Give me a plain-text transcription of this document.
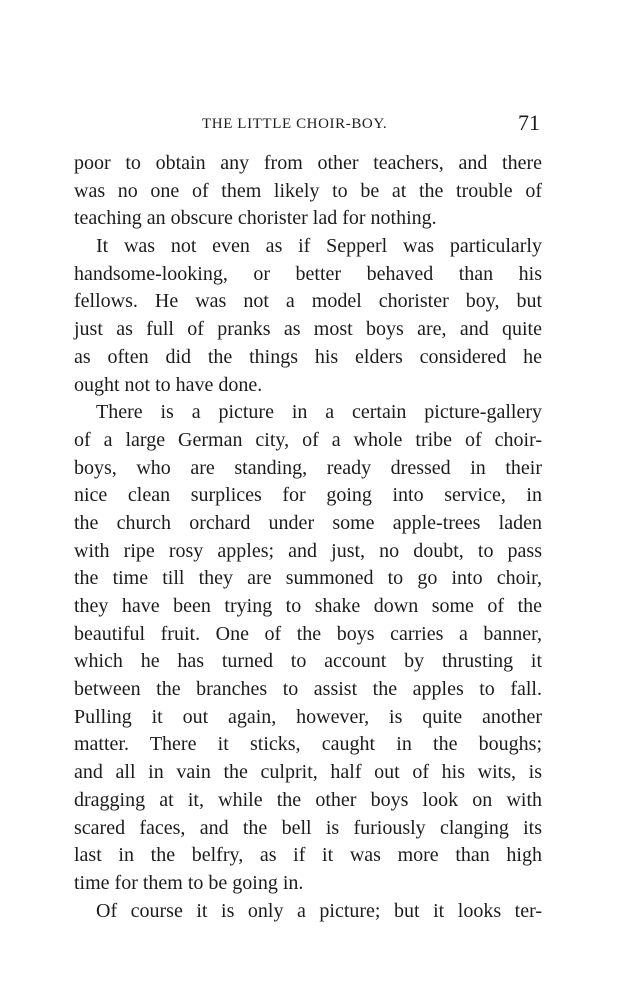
THE LITTLE CHOIR-BOY.	71
poor to obtain any from other teachers, and there
was no one of them likely to be at the trouble of
teaching an obscure chorister lad for nothing.
It was not even as if Sepperl was particularly
handsome-looking, or better behaved than his
fellows. He was not a model chorister boy, but
just as full of pranks as most boys are, and quite
as often did the things his elders considered he
ought not to have done.
There is a picture in a certain picture-gallery
of a large German city, of a whole tribe of choir-
boys, who are standing, ready dressed in their
nice clean surplices for going into service, in
the church orchard under some apple-trees laden
with ripe rosy apples; and just, no doubt, to pass
the time till they are summoned to go into choir,
they have been trying to shake down some of the
beautiful fruit. One of the boys carries a banner,
which he has turned to account by thrusting it
between the branches to assist the apples to fall.
Pulling it out again, however, is quite another
matter. There it sticks, caught in the boughs;
and all in vain the culprit, half out of his wits, is
dragging at it, while the other boys look on with
scared faces, and the bell is furiously clanging its
last in the belfry, as if it was more than high
time for them to be going in.
Of course it is only a picture; but it looks ter-
